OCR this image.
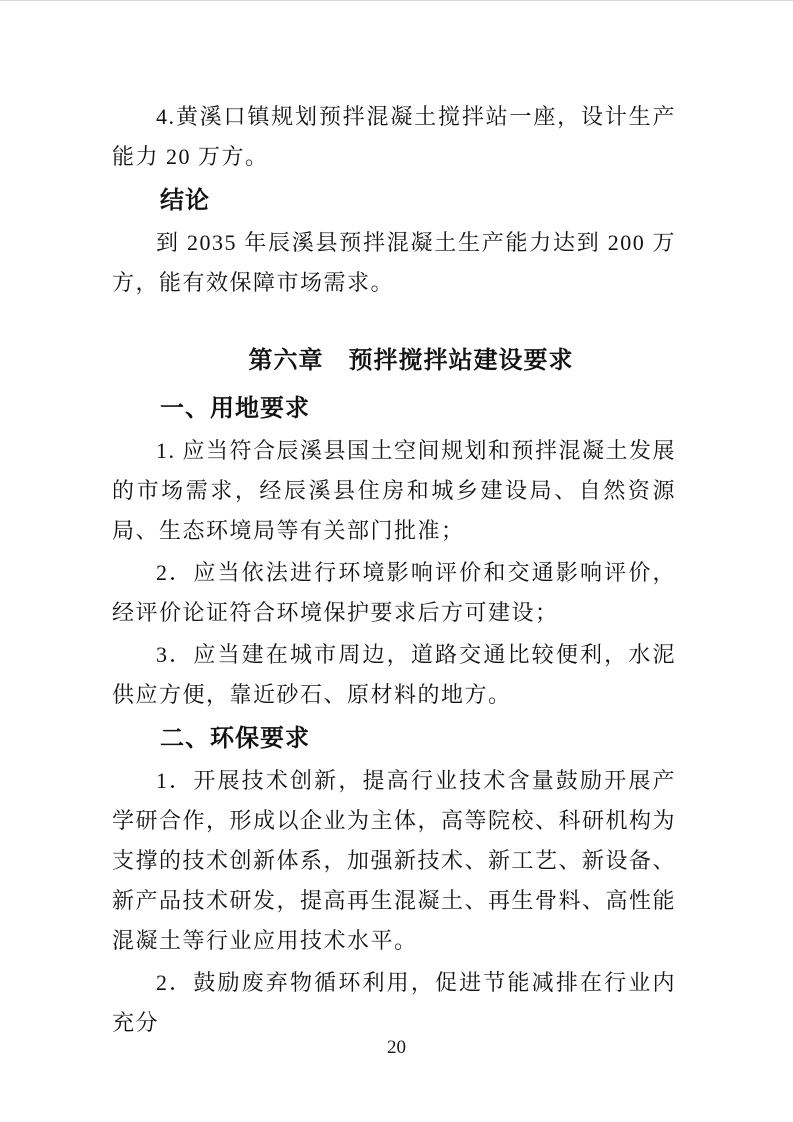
4.黄溪口镇规划预拌混凝土搅拌站一座，设计生产能力 20 万方。

结论

到 2035 年辰溪县预拌混凝土生产能力达到 200 万方，能有效保障市场需求。

第六章　预拌搅拌站建设要求
一、用地要求

1. 应当符合辰溪县国土空间规划和预拌混凝土发展的市场需求，经辰溪县住房和城乡建设局、自然资源局、生态环境局等有关部门批准；

2．应当依法进行环境影响评价和交通影响评价，经评价论证符合环境保护要求后方可建设；

3．应当建在城市周边，道路交通比较便利，水泥供应方便，靠近砂石、原材料的地方。

二、环保要求

1．开展技术创新，提高行业技术含量鼓励开展产学研合作，形成以企业为主体，高等院校、科研机构为支撑的技术创新体系，加强新技术、新工艺、新设备、新产品技术研发，提高再生混凝土、再生骨料、高性能混凝土等行业应用技术水平。

2．鼓励废弃物循环利用，促进节能减排在行业内充分

20
